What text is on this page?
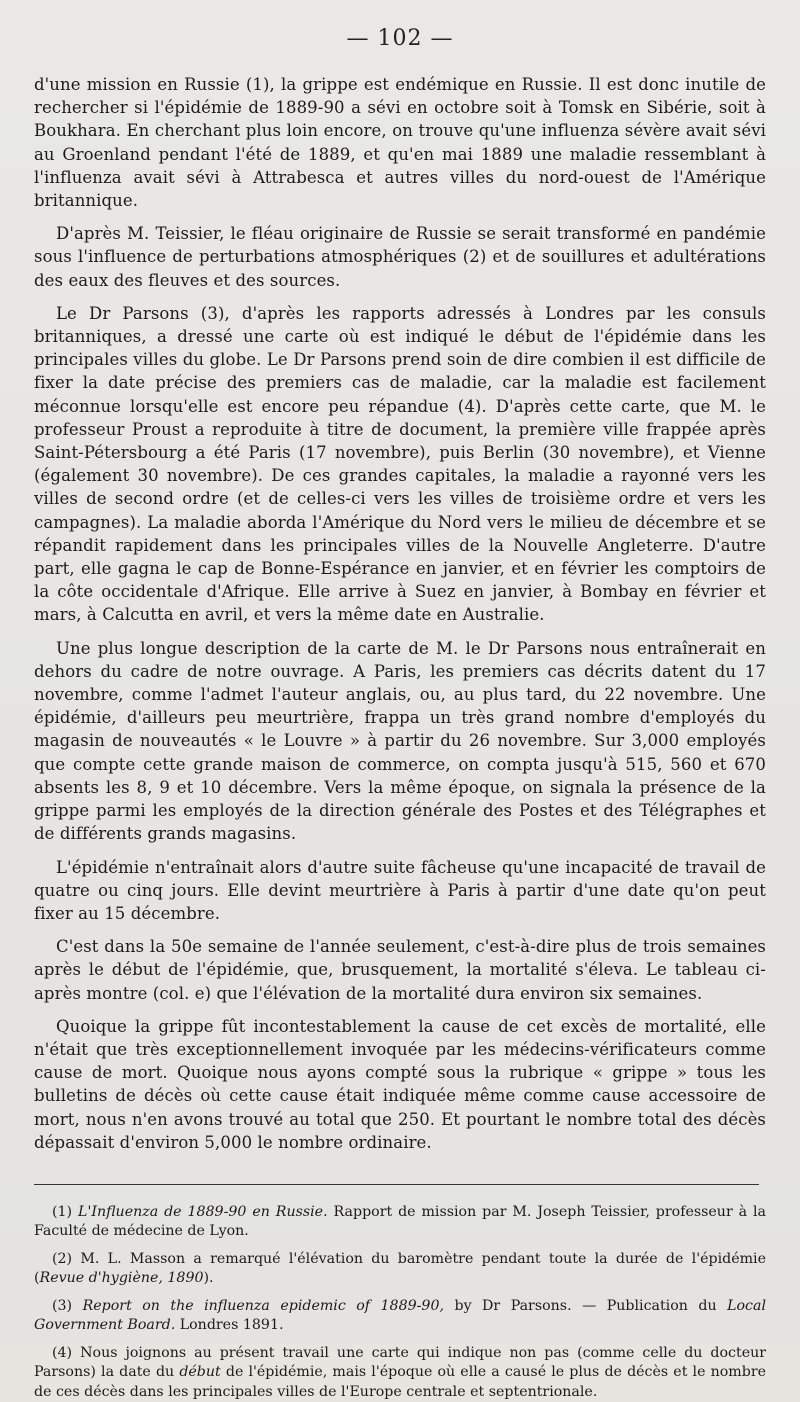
— 102 —

d'une mission en Russie (1), la grippe est endémique en Russie. Il est donc inutile de rechercher si l'épidémie de 1889-90 a sévi en octobre soit à Tomsk en Sibérie, soit à Boukhara. En cherchant plus loin encore, on trouve qu'une influenza sévère avait sévi au Groenland pendant l'été de 1889, et qu'en mai 1889 une maladie ressemblant à l'influenza avait sévi à Attrabesca et autres villes du nord-ouest de l'Amérique britannique.

D'après M. Teissier, le fléau originaire de Russie se serait transformé en pandémie sous l'influence de perturbations atmosphériques (2) et de souillures et adultérations des eaux des fleuves et des sources.

Le Dr Parsons (3), d'après les rapports adressés à Londres par les consuls britanniques, a dressé une carte où est indiqué le début de l'épidémie dans les principales villes du globe. Le Dr Parsons prend soin de dire combien il est difficile de fixer la date précise des premiers cas de maladie, car la maladie est facilement méconnue lorsqu'elle est encore peu répandue (4). D'après cette carte, que M. le professeur Proust a reproduite à titre de document, la première ville frappée après Saint-Pétersbourg a été Paris (17 novembre), puis Berlin (30 novembre), et Vienne (également 30 novembre). De ces grandes capitales, la maladie a rayonné vers les villes de second ordre (et de celles-ci vers les villes de troisième ordre et vers les campagnes). La maladie aborda l'Amérique du Nord vers le milieu de décembre et se répandit rapidement dans les principales villes de la Nouvelle Angleterre. D'autre part, elle gagna le cap de Bonne-Espérance en janvier, et en février les comptoirs de la côte occidentale d'Afrique. Elle arrive à Suez en janvier, à Bombay en février et mars, à Calcutta en avril, et vers la même date en Australie.

Une plus longue description de la carte de M. le Dr Parsons nous entraînerait en dehors du cadre de notre ouvrage. A Paris, les premiers cas décrits datent du 17 novembre, comme l'admet l'auteur anglais, ou, au plus tard, du 22 novembre. Une épidémie, d'ailleurs peu meurtrière, frappa un très grand nombre d'employés du magasin de nouveautés « le Louvre » à partir du 26 novembre. Sur 3,000 employés que compte cette grande maison de commerce, on compta jusqu'à 515, 560 et 670 absents les 8, 9 et 10 décembre. Vers la même époque, on signala la présence de la grippe parmi les employés de la direction générale des Postes et des Télégraphes et de différents grands magasins.

L'épidémie n'entraînait alors d'autre suite fâcheuse qu'une incapacité de travail de quatre ou cinq jours. Elle devint meurtrière à Paris à partir d'une date qu'on peut fixer au 15 décembre.

C'est dans la 50e semaine de l'année seulement, c'est-à-dire plus de trois semaines après le début de l'épidémie, que, brusquement, la mortalité s'éleva. Le tableau ci-après montre (col. e) que l'élévation de la mortalité dura environ six semaines.

Quoique la grippe fût incontestablement la cause de cet excès de mortalité, elle n'était que très exceptionnellement invoquée par les médecins-vérificateurs comme cause de mort. Quoique nous ayons compté sous la rubrique « grippe » tous les bulletins de décès où cette cause était indiquée même comme cause accessoire de mort, nous n'en avons trouvé au total que 250. Et pourtant le nombre total des décès dépassait d'environ 5,000 le nombre ordinaire.

(1) L'Influenza de 1889-90 en Russie. Rapport de mission par M. Joseph Teissier, professeur à la Faculté de médecine de Lyon.

(2) M. L. Masson a remarqué l'élévation du baromètre pendant toute la durée de l'épidémie (Revue d'hygiène, 1890).

(3) Report on the influenza epidemic of 1889-90, by Dr Parsons. — Publication du Local Government Board. Londres 1891.

(4) Nous joignons au présent travail une carte qui indique non pas (comme celle du docteur Parsons) la date du début de l'épidémie, mais l'époque où elle a causé le plus de décès et le nombre de ces décès dans les principales villes de l'Europe centrale et septentrionale.
